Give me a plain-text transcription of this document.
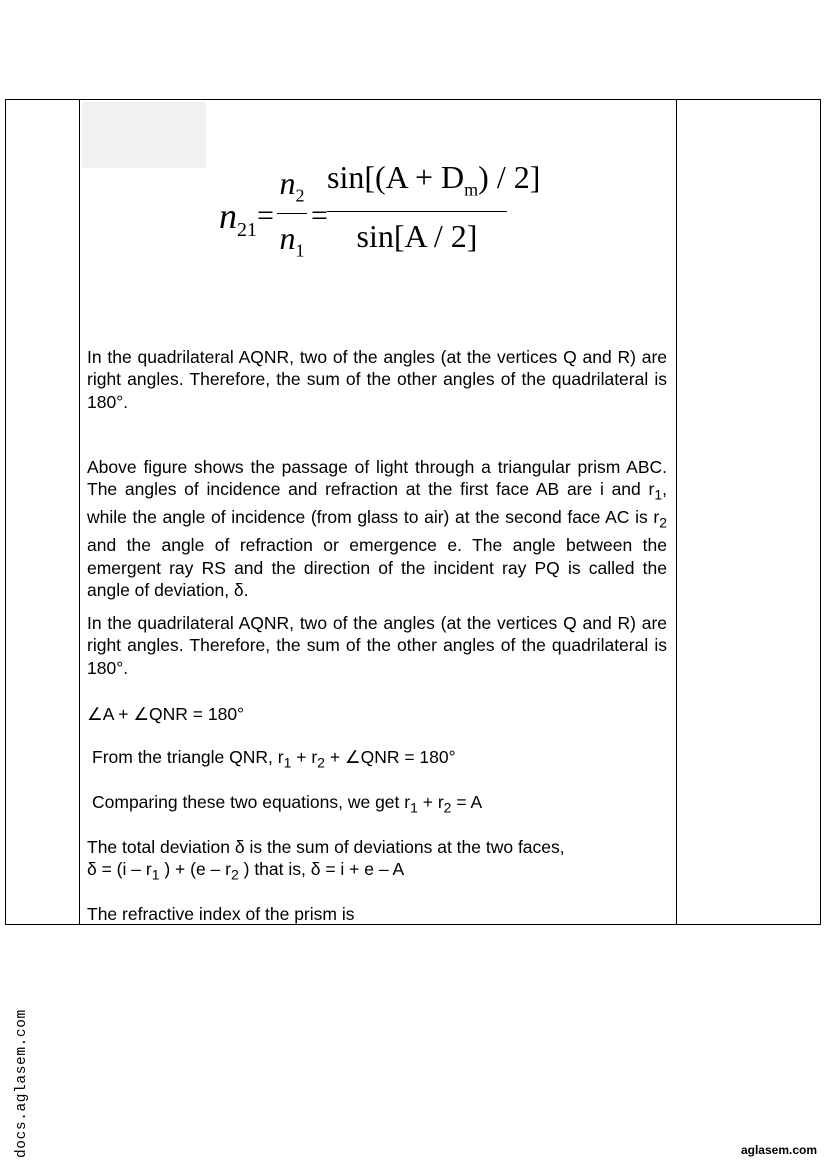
$n_{21}$ =
$n_2$
$n_1$
=
$\sin[(A + D_m) / 2]$
sin[A / 2]
In the quadrilateral AQNR, two of the angles (at the vertices Q and R) are right angles. Therefore, the sum of the other angles of the quadrilateral is 180°.
Above figure shows the passage of light through a triangular prism ABC. The angles of incidence and refraction at the first face AB are i and $r_1$, while the angle of incidence (from glass to air) at the second face AC is $r_2$ and the angle of refraction or emergence e. The angle between the emergent ray RS and the direction of the incident ray PQ is called the angle of deviation, δ.
In the quadrilateral AQNR, two of the angles (at the vertices Q and R) are right angles. Therefore, the sum of the other angles of the quadrilateral is 180°.
∠A + ∠QNR = 180°
From the triangle QNR, $r_1 + r_2$ + ∠QNR = 180°
Comparing these two equations, we get $r_1 + r_2 = A$
The total deviation δ is the sum of deviations at the two faces,
$\delta = (i - r_1$ ) + ($e - r_2$ ) that is, δ = i + e – A
The refractive index of the prism is
docs.aglasem.com	aglasem.com
